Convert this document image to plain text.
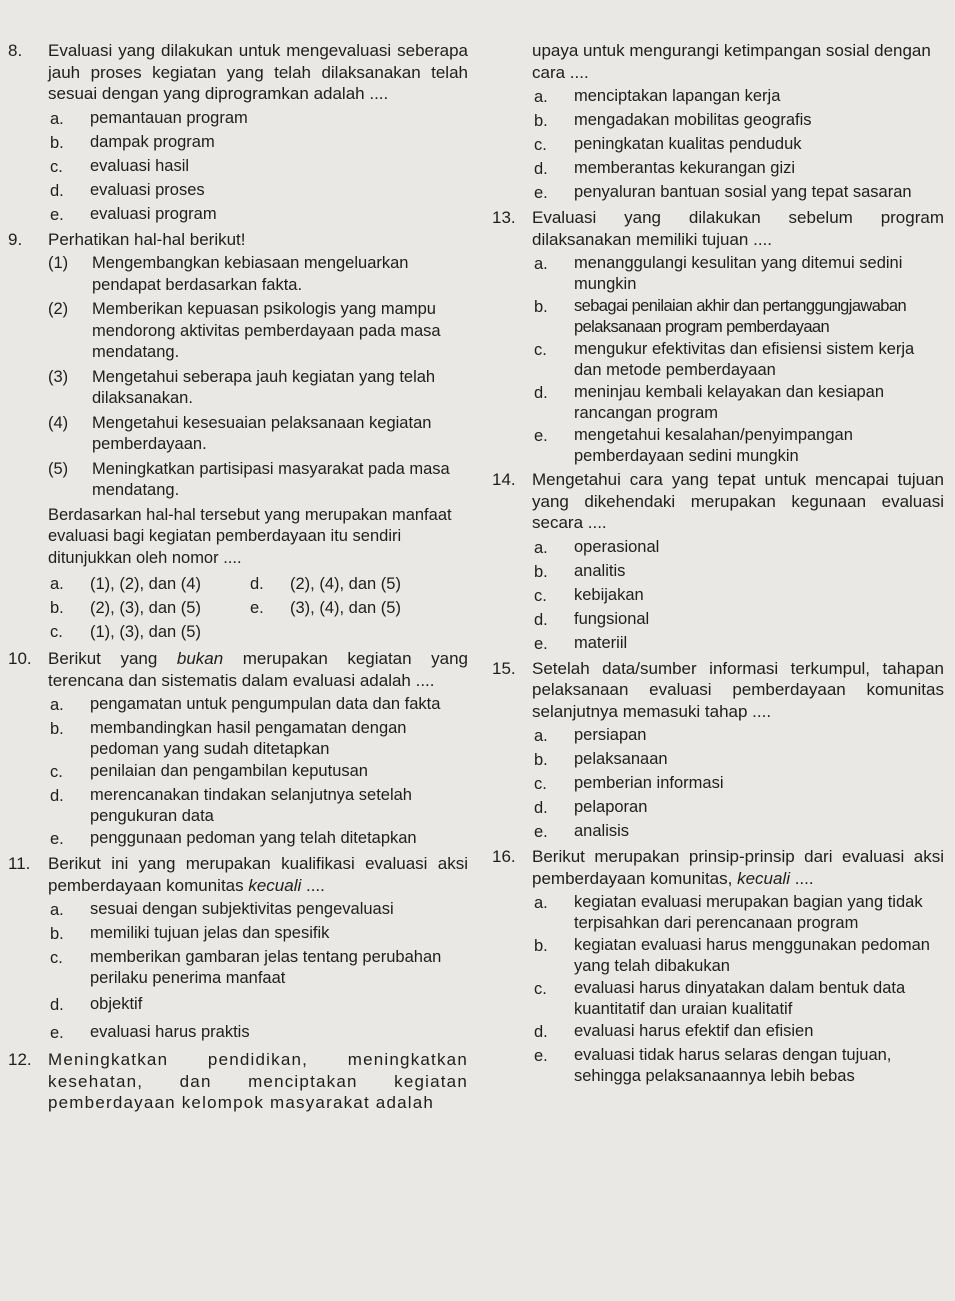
8.	Evaluasi yang dilakukan untuk mengevaluasi seberapa jauh proses kegiatan yang telah dilaksanakan telah sesuai dengan yang diprogramkan adalah ....
a.	pemantauan program
b.	dampak program
c.	evaluasi hasil
d.	evaluasi proses
e.	evaluasi program
9.	Perhatikan hal-hal berikut!
(1)	Mengembangkan kebiasaan mengeluarkan pendapat berdasarkan fakta.
(2)	Memberikan kepuasan psikologis yang mampu mendorong aktivitas pemberdayaan pada masa mendatang.
(3)	Mengetahui seberapa jauh kegiatan yang telah dilaksanakan.
(4)	Mengetahui kesesuaian pelaksanaan kegiatan pemberdayaan.
(5)	Meningkatkan partisipasi masyarakat pada masa mendatang.
Berdasarkan hal-hal tersebut yang merupakan manfaat evaluasi bagi kegiatan pemberdayaan itu sendiri ditunjukkan oleh nomor ....
a.	(1), (2), dan (4)	d.	(2), (4), dan (5)
b.	(2), (3), dan (5)	e.	(3), (4), dan (5)
c.	(1), (3), dan (5)
10. Berikut yang bukan merupakan kegiatan yang terencana dan sistematis dalam evaluasi adalah ....
a.	pengamatan untuk pengumpulan data dan fakta
b.	membandingkan hasil pengamatan dengan pedoman yang sudah ditetapkan
c.	penilaian dan pengambilan keputusan
d.	merencanakan tindakan selanjutnya setelah pengukuran data
e.	penggunaan pedoman yang telah ditetapkan
11.	Berikut ini yang merupakan kualifikasi evaluasi aksi pemberdayaan komunitas kecuali ....
a.	sesuai dengan subjektivitas pengevaluasi
b.	memiliki tujuan jelas dan spesifik
c.	memberikan gambaran jelas tentang perubahan perilaku penerima manfaat
d.	objektif
e.	evaluasi harus praktis
12. Meningkatkan pendidikan, meningkatkan kesehatan, dan menciptakan kegiatan pemberdayaan kelompok masyarakat adalah
upaya untuk mengurangi ketimpangan sosial dengan cara ....
a.	menciptakan lapangan kerja
b.	mengadakan mobilitas geografis
c.	peningkatan kualitas penduduk
d.	memberantas kekurangan gizi
e.	penyaluran bantuan sosial yang tepat sasaran
13. Evaluasi yang dilakukan sebelum program dilaksanakan memiliki tujuan ....
a.	menanggulangi kesulitan yang ditemui sedini mungkin
b.	sebagai penilaian akhir dan pertanggungjawaban pelaksanaan program pemberdayaan
c.	mengukur efektivitas dan efisiensi sistem kerja dan metode pemberdayaan
d.	meninjau kembali kelayakan dan kesiapan rancangan program
e.	mengetahui kesalahan/penyimpangan pemberdayaan sedini mungkin
14. Mengetahui cara yang tepat untuk mencapai tujuan yang dikehendaki merupakan kegunaan evaluasi secara ....
a.	operasional
b.	analitis
c.	kebijakan
d.	fungsional
e.	materiil
15. Setelah data/sumber informasi terkumpul, tahapan pelaksanaan evaluasi pemberdayaan komunitas selanjutnya memasuki tahap ....
a.	persiapan
b.	pelaksanaan
c.	pemberian informasi
d.	pelaporan
e.	analisis
16. Berikut merupakan prinsip-prinsip dari evaluasi aksi pemberdayaan komunitas, kecuali ....
a.	kegiatan evaluasi merupakan bagian yang tidak terpisahkan dari perencanaan program
b.	kegiatan evaluasi harus menggunakan pedoman yang telah dibakukan
c.	evaluasi harus dinyatakan dalam bentuk data kuantitatif dan uraian kualitatif
d.	evaluasi harus efektif dan efisien
e.	evaluasi tidak harus selaras dengan tujuan, sehingga pelaksanaannya lebih bebas
